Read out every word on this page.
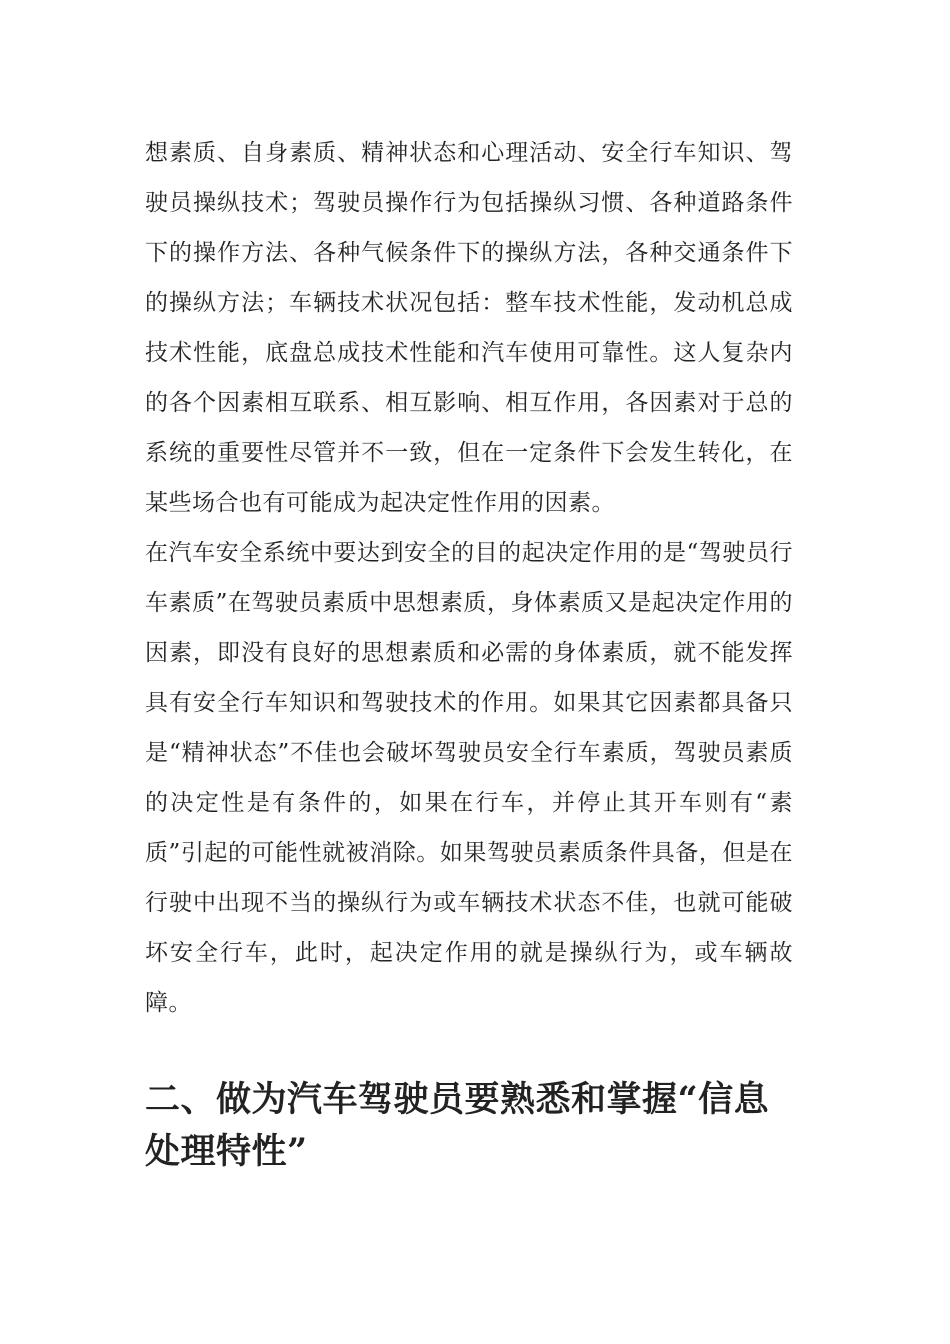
想素质、自身素质、精神状态和心理活动、安全行车知识、驾驶员操纵技术；驾驶员操作行为包括操纵习惯、各种道路条件下的操作方法、各种气候条件下的操纵方法，各种交通条件下的操纵方法；车辆技术状况包括：整车技术性能，发动机总成技术性能，底盘总成技术性能和汽车使用可靠性。这人复杂内的各个因素相互联系、相互影响、相互作用，各因素对于总的系统的重要性尽管并不一致，但在一定条件下会发生转化，在某些场合也有可能成为起决定性作用的因素。

在汽车安全系统中要达到安全的目的起决定作用的是“驾驶员行车素质”在驾驶员素质中思想素质，身体素质又是起决定作用的因素，即没有良好的思想素质和必需的身体素质，就不能发挥具有安全行车知识和驾驶技术的作用。如果其它因素都具备只是“精神状态”不佳也会破坏驾驶员安全行车素质，驾驶员素质的决定性是有条件的，如果在行车，并停止其开车则有“素质”引起的可能性就被消除。如果驾驶员素质条件具备，但是在行驶中出现不当的操纵行为或车辆技术状态不佳，也就可能破坏安全行车，此时，起决定作用的就是操纵行为，或车辆故障。

二、做为汽车驾驶员要熟悉和掌握“信息处理特性”
